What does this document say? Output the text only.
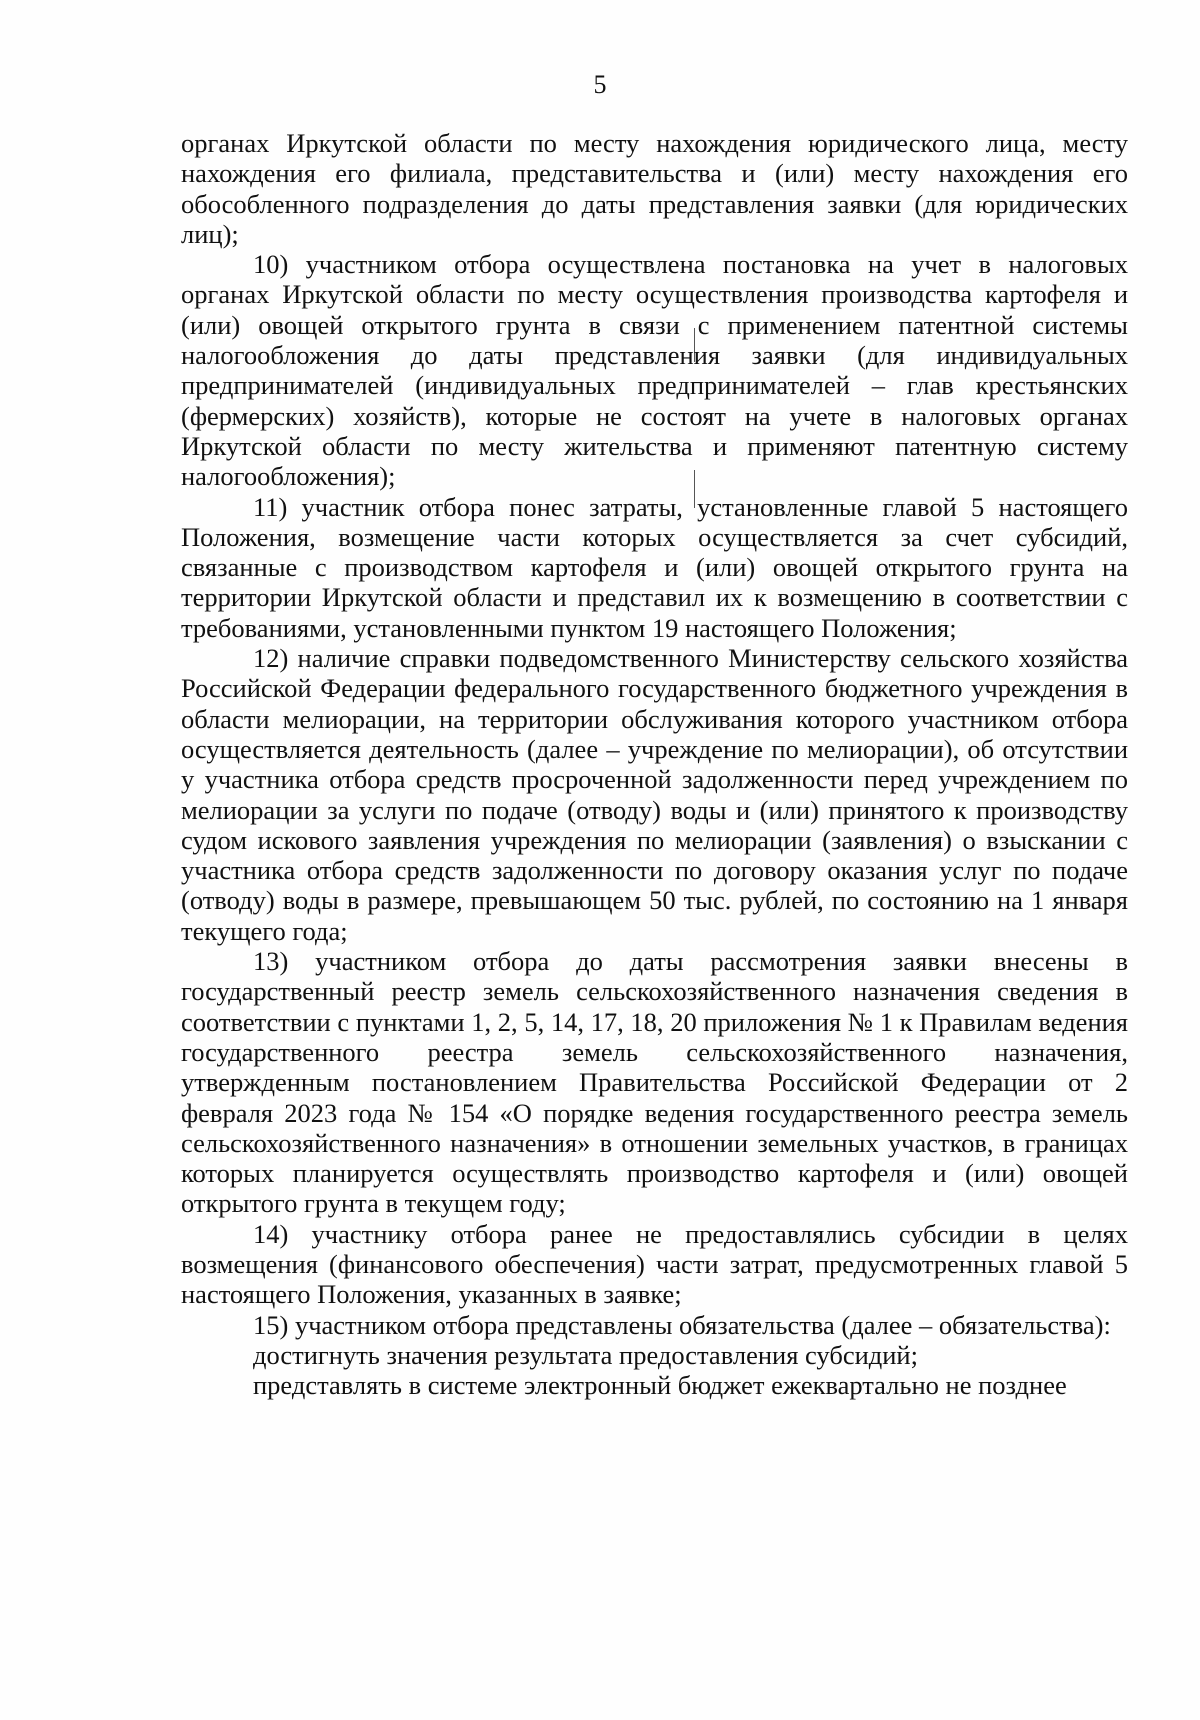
5

органах Иркутской области по месту нахождения юридического лица, месту нахождения его филиала, представительства и (или) месту нахождения его обособленного подразделения до даты представления заявки (для юридических лиц);

10) участником отбора осуществлена постановка на учет в налоговых органах Иркутской области по месту осуществления производства картофеля и (или) овощей открытого грунта в связи с применением патентной системы налогообложения до даты представления заявки (для индивидуальных предпринимателей (индивидуальных предпринимателей – глав крестьянских (фермерских) хозяйств), которые не состоят на учете в налоговых органах Иркутской области по месту жительства и применяют патентную систему налогообложения);

11) участник отбора понес затраты, установленные главой 5 настоящего Положения, возмещение части которых осуществляется за счет субсидий, связанные с производством картофеля и (или) овощей открытого грунта на территории Иркутской области и представил их к возмещению в соответствии с требованиями, установленными пунктом 19 настоящего Положения;

12) наличие справки подведомственного Министерству сельского хозяйства Российской Федерации федерального государственного бюджетного учреждения в области мелиорации, на территории обслуживания которого участником отбора осуществляется деятельность (далее – учреждение по мелиорации), об отсутствии у участника отбора средств просроченной задолженности перед учреждением по мелиорации за услуги по подаче (отводу) воды и (или) принятого к производству судом искового заявления учреждения по мелиорации (заявления) о взыскании с участника отбора средств задолженности по договору оказания услуг по подаче (отводу) воды в размере, превышающем 50 тыс. рублей, по состоянию на 1 января текущего года;

13) участником отбора до даты рассмотрения заявки внесены в государственный реестр земель сельскохозяйственного назначения сведения в соответствии с пунктами 1, 2, 5, 14, 17, 18, 20 приложения № 1 к Правилам ведения государственного реестра земель сельскохозяйственного назначения, утвержденным постановлением Правительства Российской Федерации от 2 февраля 2023 года № 154 «О порядке ведения государственного реестра земель сельскохозяйственного назначения» в отношении земельных участков, в границах которых планируется осуществлять производство картофеля и (или) овощей открытого грунта в текущем году;

14) участнику отбора ранее не предоставлялись субсидии в целях возмещения (финансового обеспечения) части затрат, предусмотренных главой 5 настоящего Положения, указанных в заявке;

15) участником отбора представлены обязательства (далее – обязательства):

достигнуть значения результата предоставления субсидий;

представлять в системе электронный бюджет ежеквартально не позднее
